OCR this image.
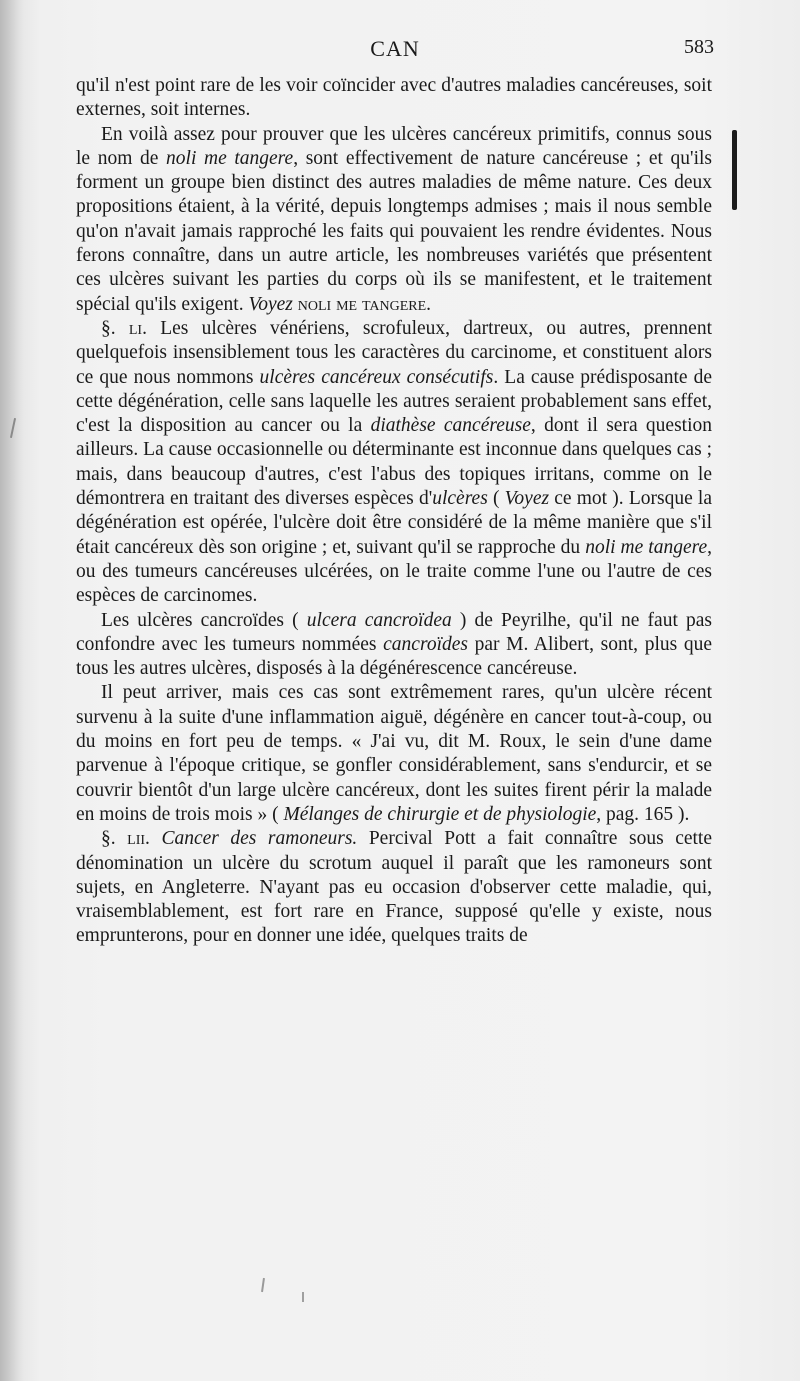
CAN	583

qu'il n'est point rare de les voir coïncider avec d'autres maladies cancéreuses, soit externes, soit internes.

En voilà assez pour prouver que les ulcères cancéreux primitifs, connus sous le nom de noli me tangere, sont effectivement de nature cancéreuse ; et qu'ils forment un groupe bien distinct des autres maladies de même nature. Ces deux propositions étaient, à la vérité, depuis longtemps admises ; mais il nous semble qu'on n'avait jamais rapproché les faits qui pouvaient les rendre évidentes. Nous ferons connaître, dans un autre article, les nombreuses variétés que présentent ces ulcères suivant les parties du corps où ils se manifestent, et le traitement spécial qu'ils exigent. Voyez noli me tangere.

§. li. Les ulcères vénériens, scrofuleux, dartreux, ou autres, prennent quelquefois insensiblement tous les caractères du carcinome, et constituent alors ce que nous nommons ulcères cancéreux consécutifs. La cause prédisposante de cette dégénération, celle sans laquelle les autres seraient probablement sans effet, c'est la disposition au cancer ou la diathèse cancéreuse, dont il sera question ailleurs. La cause occasionnelle ou déterminante est inconnue dans quelques cas ; mais, dans beaucoup d'autres, c'est l'abus des topiques irritans, comme on le démontrera en traitant des diverses espèces d'ulcères ( Voyez ce mot ). Lorsque la dégénération est opérée, l'ulcère doit être considéré de la même manière que s'il était cancéreux dès son origine ; et, suivant qu'il se rapproche du noli me tangere, ou des tumeurs cancéreuses ulcérées, on le traite comme l'une ou l'autre de ces espèces de carcinomes.

Les ulcères cancroïdes ( ulcera cancroïdea ) de Peyrilhe, qu'il ne faut pas confondre avec les tumeurs nommées cancroïdes par M. Alibert, sont, plus que tous les autres ulcères, disposés à la dégénérescence cancéreuse.

Il peut arriver, mais ces cas sont extrêmement rares, qu'un ulcère récent survenu à la suite d'une inflammation aiguë, dégénère en cancer tout-à-coup, ou du moins en fort peu de temps. « J'ai vu, dit M. Roux, le sein d'une dame parvenue à l'époque critique, se gonfler considérablement, sans s'endurcir, et se couvrir bientôt d'un large ulcère cancéreux, dont les suites firent périr la malade en moins de trois mois » ( Mélanges de chirurgie et de physiologie, pag. 165 ).

§. lii. Cancer des ramoneurs. Percival Pott a fait connaître sous cette dénomination un ulcère du scrotum auquel il paraît que les ramoneurs sont sujets, en Angleterre. N'ayant pas eu occasion d'observer cette maladie, qui, vraisemblablement, est fort rare en France, supposé qu'elle y existe, nous emprunterons, pour en donner une idée, quelques traits de
